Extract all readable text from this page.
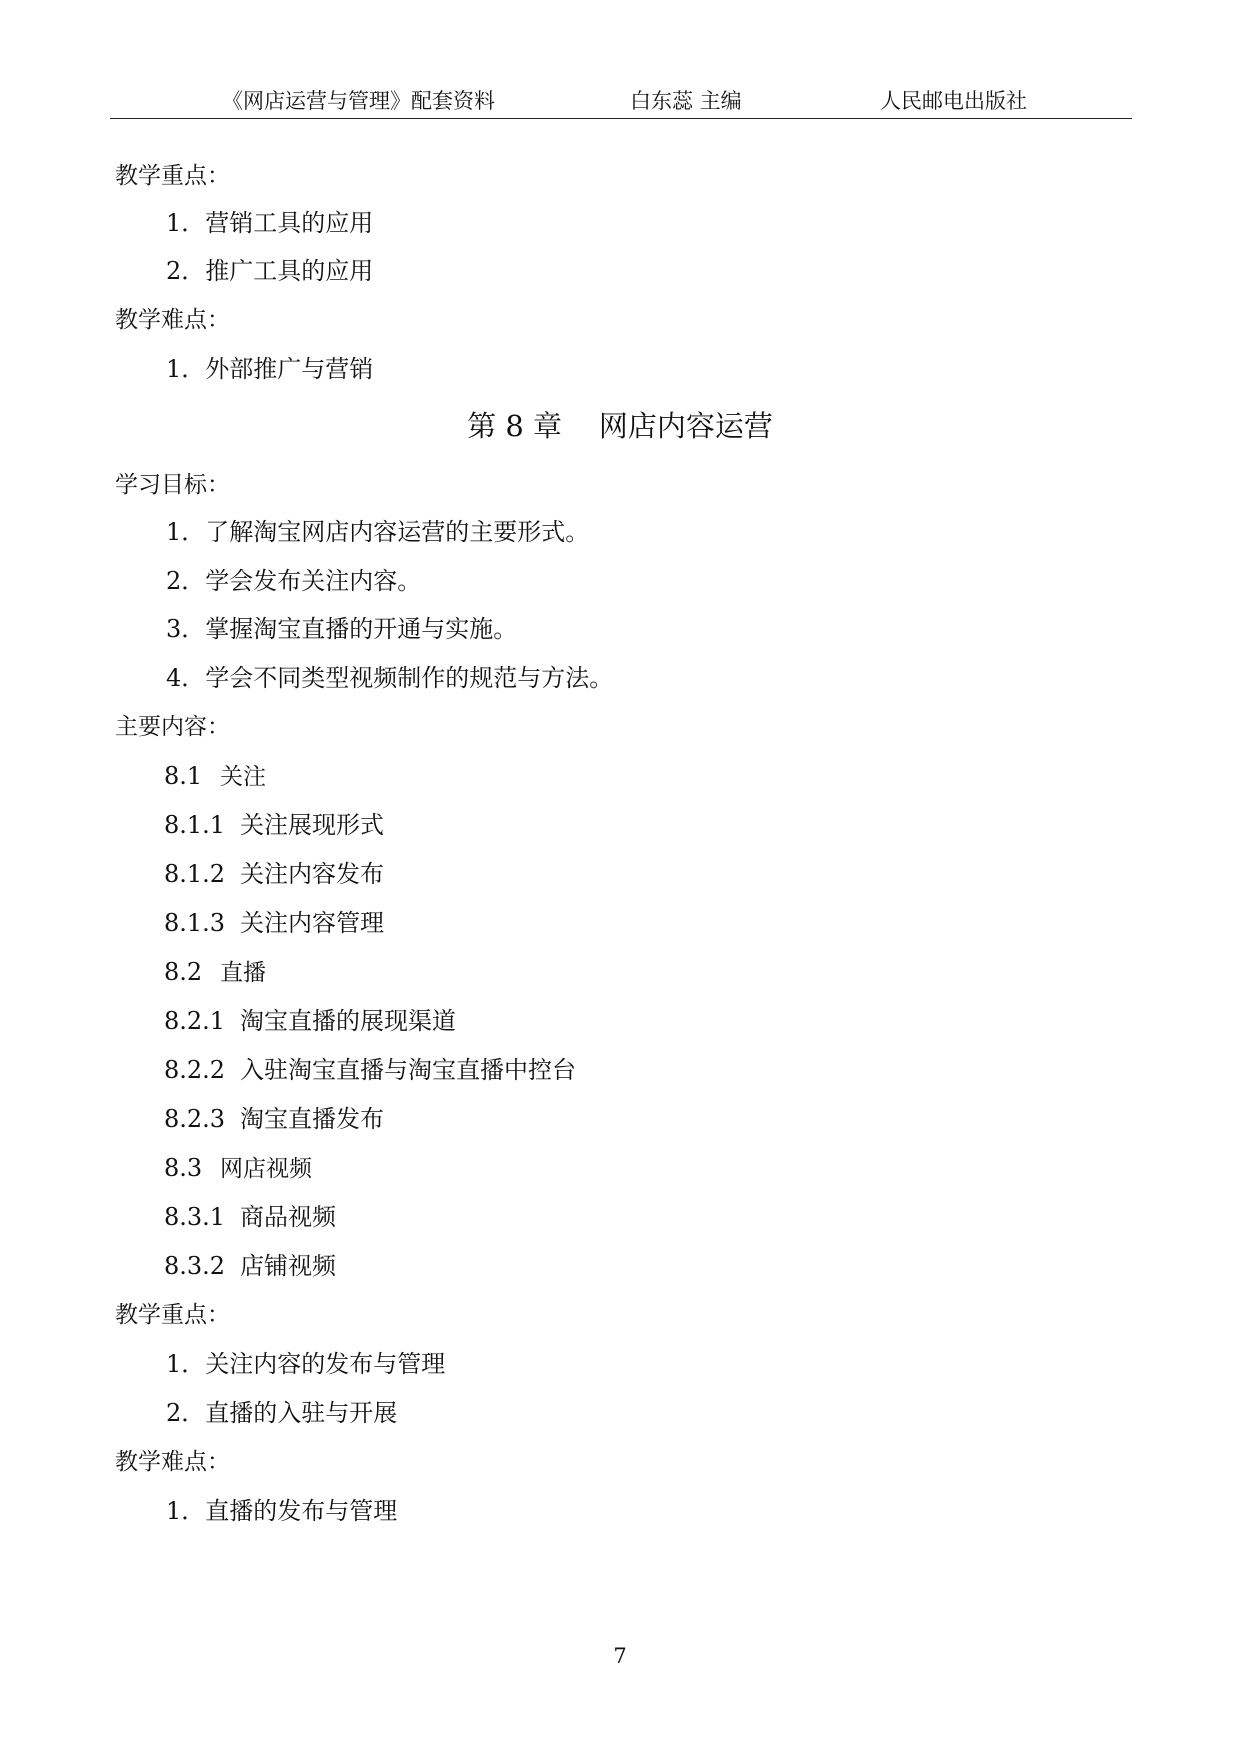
《网店运营与管理》配套资料	白东蕊 主编	人民邮电出版社
教学重点：
1．营销工具的应用
2．推广工具的应用
教学难点：
1．外部推广与营销
第 8 章    网店内容运营
学习目标：
1．了解淘宝网店内容运营的主要形式。
2．学会发布关注内容。
3．掌握淘宝直播的开通与实施。
4．学会不同类型视频制作的规范与方法。
主要内容：
8.1 关注
8.1.1 关注展现形式
8.1.2 关注内容发布
8.1.3 关注内容管理
8.2 直播
8.2.1 淘宝直播的展现渠道
8.2.2 入驻淘宝直播与淘宝直播中控台
8.2.3 淘宝直播发布
8.3 网店视频
8.3.1 商品视频
8.3.2 店铺视频
教学重点：
1．关注内容的发布与管理
2．直播的入驻与开展
教学难点：
1．直播的发布与管理
7
